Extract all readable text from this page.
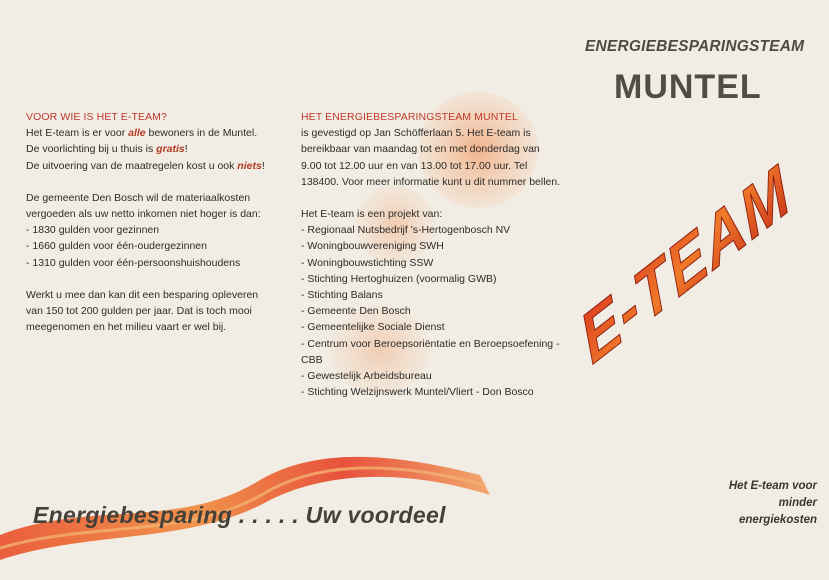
VOOR WIE IS HET E-TEAM?
Het E-team is er voor alle bewoners in de Muntel.
De voorlichting bij u thuis is gratis!
De uitvoering van de maatregelen kost u ook niets!
De gemeente Den Bosch wil de materiaalkosten vergoeden als uw netto inkomen niet hoger is dan:
- 1830 gulden voor gezinnen
- 1660 gulden voor één-oudergezinnen
- 1310 gulden voor één-persoonshuishoudens
Werkt u mee dan kan dit een besparing opleveren van 150 tot 200 gulden per jaar. Dat is toch mooi meegenomen en het milieu vaart er wel bij.
HET ENERGIEBESPARINGSTEAM MUNTEL
is gevestigd op Jan Schöfferlaan 5. Het E-team is bereikbaar van maandag tot en met donderdag van 9.00 tot 12.00 uur en van 13.00 tot 17.00 uur. Tel 138400. Voor meer informatie kunt u dit nummer bellen.
Het E-team is een projekt van:
- Regionaal Nutsbedrijf 's-Hertogenbosch NV
- Woningbouwvereniging SWH
- Woningbouwstichting SSW
- Stichting Hertoghuizen (voormalig GWB)
- Stichting Balans
- Gemeente Den Bosch
- Gemeentelijke Sociale Dienst
- Centrum voor Beroepsoriëntatie en Beroepsoefening - CBB
- Gewestelijk Arbeidsbureau
- Stichting Welzijnswerk Muntel/Vliert - Don Bosco
ENERGIEBESPARINGSTEAM
MUNTEL
E-TEAM
Het E-team voor minder energiekosten
Energiebesparing . . . . . Uw voordeel
